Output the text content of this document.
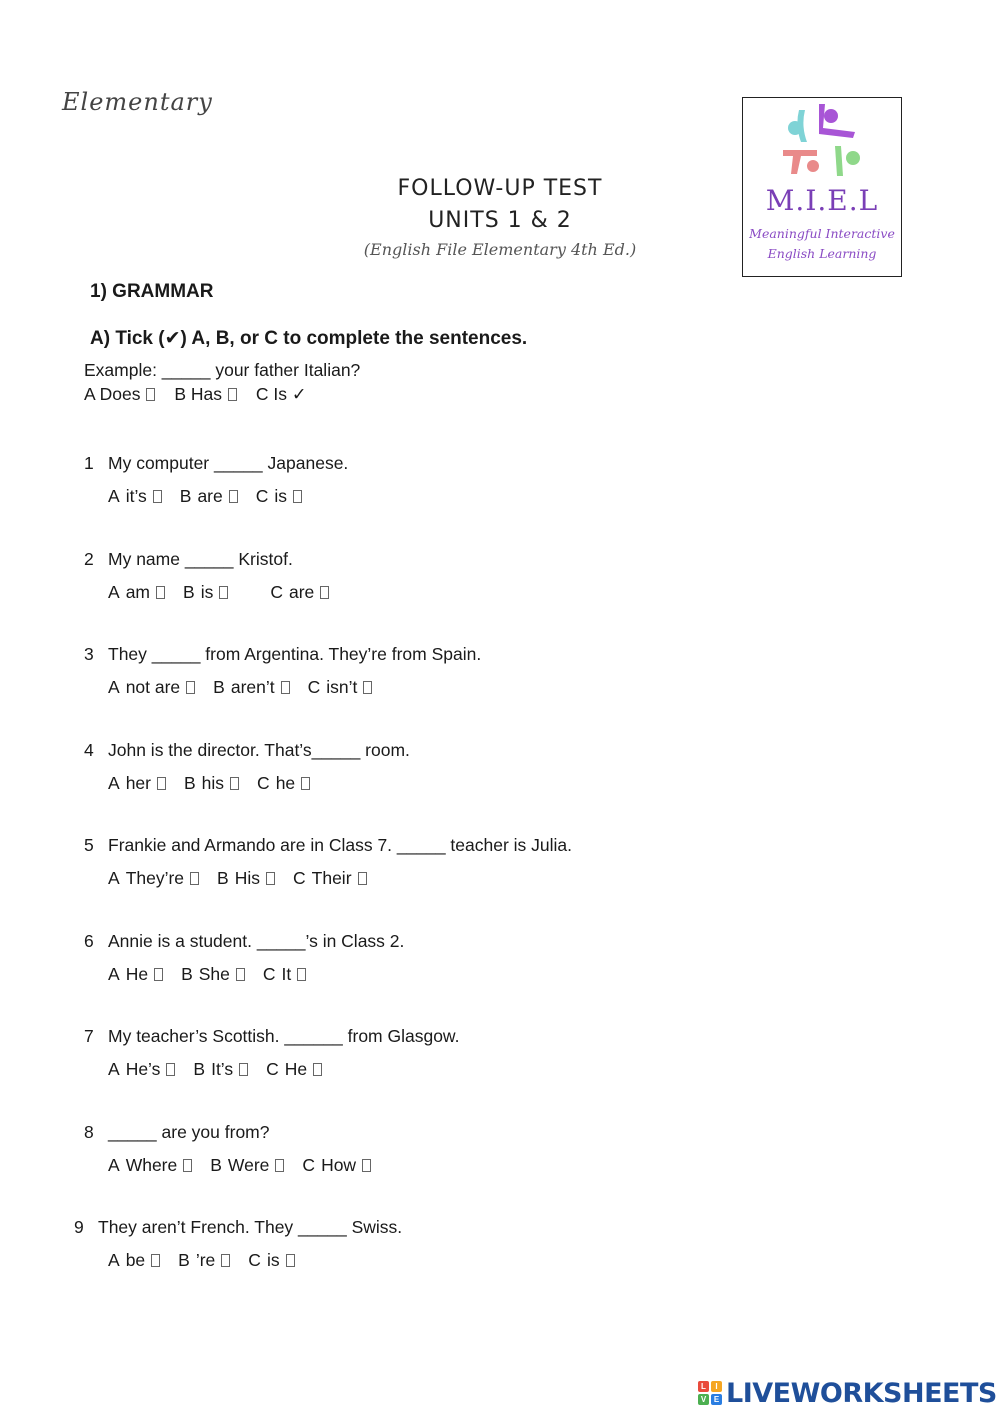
Elementary
FOLLOW-UP TEST
UNITS 1 & 2
(English File Elementary 4th Ed.)
M.I.E.L
Meaningful Interactive
English Learning
1) GRAMMAR
A) Tick (✔) A, B, or C to complete the sentences.
Example: _____ your father Italian?
A Does B Has C Is ✓
1 My computer _____ Japanese.
A it’s B are C is
2 My name _____ Kristof.
A am B is	C are
3 They _____ from Argentina. They’re from Spain.
A not are B aren’t C isn’t
4 John is the director. That’s_____ room.
A her B his C he
5 Frankie and Armando are in Class 7. _____ teacher is Julia.
A They’re B His C Their
6 Annie is a student. _____’s in Class 2.
A He B She C It
7 My teacher’s Scottish. ______ from Glasgow.
A He’s B It’s C He
8 _____ are you from?
A Where B Were C How
9 They aren’t French. They _____ Swiss.
A be B ’re C is
L	I
V E LIVEWORKSHEETS
